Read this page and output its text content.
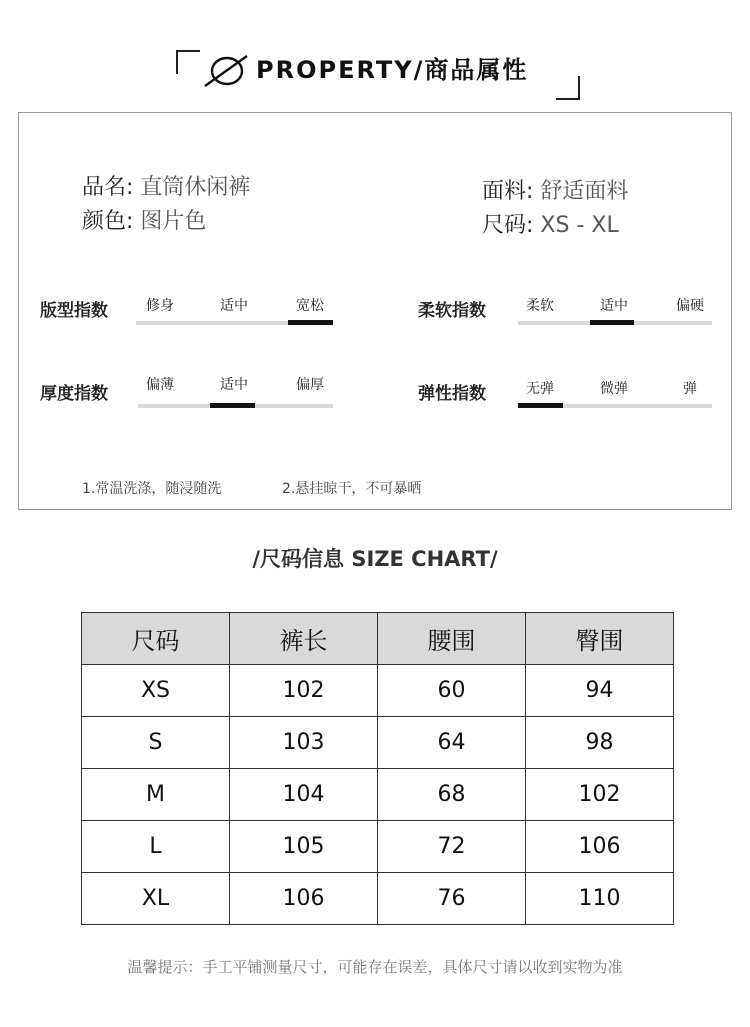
PROPERTY/商品属性
品名: 直筒休闲裤
颜色: 图片色
面料: 舒适面料
尺码: XS - XL
版型指数	修身	适中	宽松	柔软指数	柔软	适中	偏硬
厚度指数	偏薄	适中	偏厚	弹性指数	无弹	微弹	弹
1.常温洗涤，随浸随洗	2.悬挂晾干，不可暴晒
/尺码信息 SIZE CHART/
尺码	裤长	腰围	臀围
XS	102	60	94
S	103	64	98
M	104	68	102
L	105	72	106
XL	106	76	110
温馨提示：手工平铺测量尺寸，可能存在误差，具体尺寸请以收到实物为准
